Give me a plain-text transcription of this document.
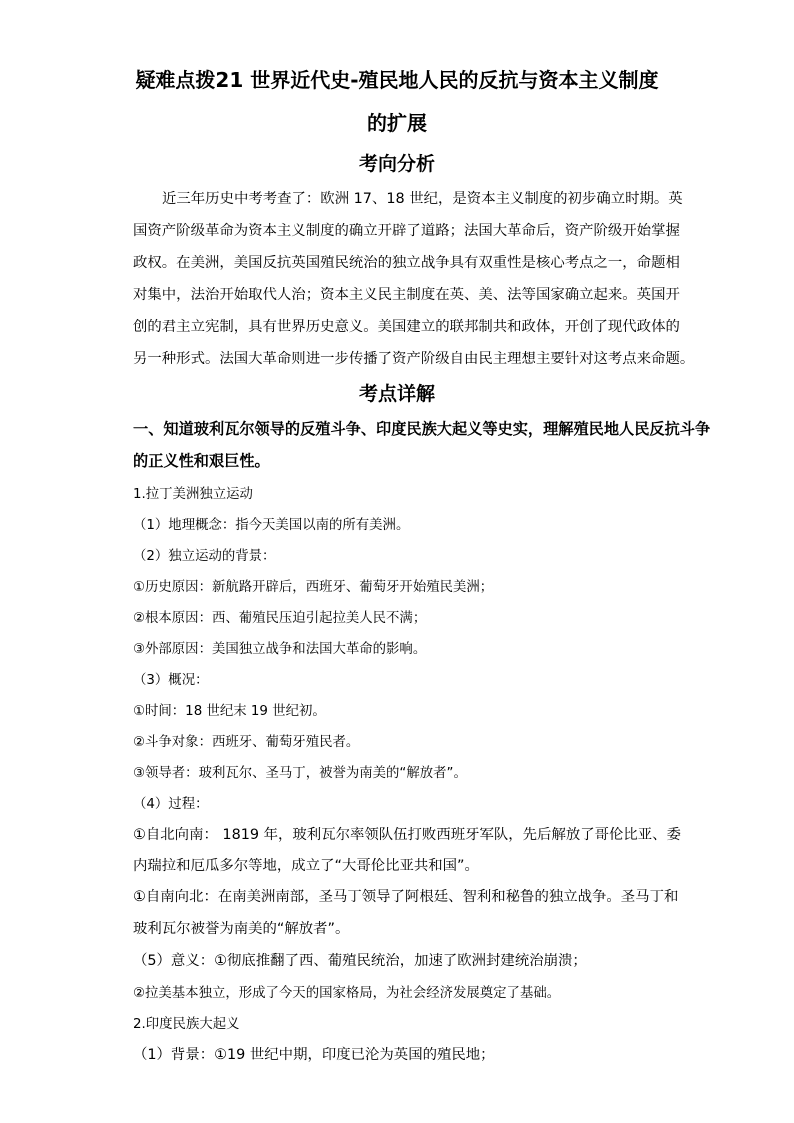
疑难点拨21 世界近代史-殖民地人民的反抗与资本主义制度
的扩展
考向分析
近三年历史中考考查了：欧洲 17、18 世纪，是资本主义制度的初步确立时期。英
国资产阶级革命为资本主义制度的确立开辟了道路；法国大革命后，资产阶级开始掌握
政权。在美洲，美国反抗英国殖民统治的独立战争具有双重性是核心考点之一，命题相
对集中，法治开始取代人治；资本主义民主制度在英、美、法等国家确立起来。英国开
创的君主立宪制，具有世界历史意义。美国建立的联邦制共和政体，开创了现代政体的
另一种形式。法国大革命则进一步传播了资产阶级自由民主理想主要针对这考点来命题。
考点详解
一、知道玻利瓦尔领导的反殖斗争、印度民族大起义等史实，理解殖民地人民反抗斗争
的正义性和艰巨性。
1.拉丁美洲独立运动
（1）地理概念：指今天美国以南的所有美洲。
（2）独立运动的背景：
①历史原因：新航路开辟后，西班牙、葡萄牙开始殖民美洲；
②根本原因：西、葡殖民压迫引起拉美人民不满；
③外部原因：美国独立战争和法国大革命的影响。
（3）概况：
①时间：18 世纪末 19 世纪初。
②斗争对象：西班牙、葡萄牙殖民者。
③领导者：玻利瓦尔、圣马丁，被誉为南美的“解放者”。
（4）过程：
①自北向南： 1819 年，玻利瓦尔率领队伍打败西班牙军队，先后解放了哥伦比亚、委
内瑞拉和厄瓜多尔等地，成立了“大哥伦比亚共和国”。
①自南向北：在南美洲南部，圣马丁领导了阿根廷、智利和秘鲁的独立战争。圣马丁和
玻利瓦尔被誉为南美的“解放者”。
（5）意义：①彻底推翻了西、葡殖民统治，加速了欧洲封建统治崩溃；
②拉美基本独立，形成了今天的国家格局，为社会经济发展奠定了基础。
2.印度民族大起义
（1）背景：①19 世纪中期，印度已沦为英国的殖民地；
